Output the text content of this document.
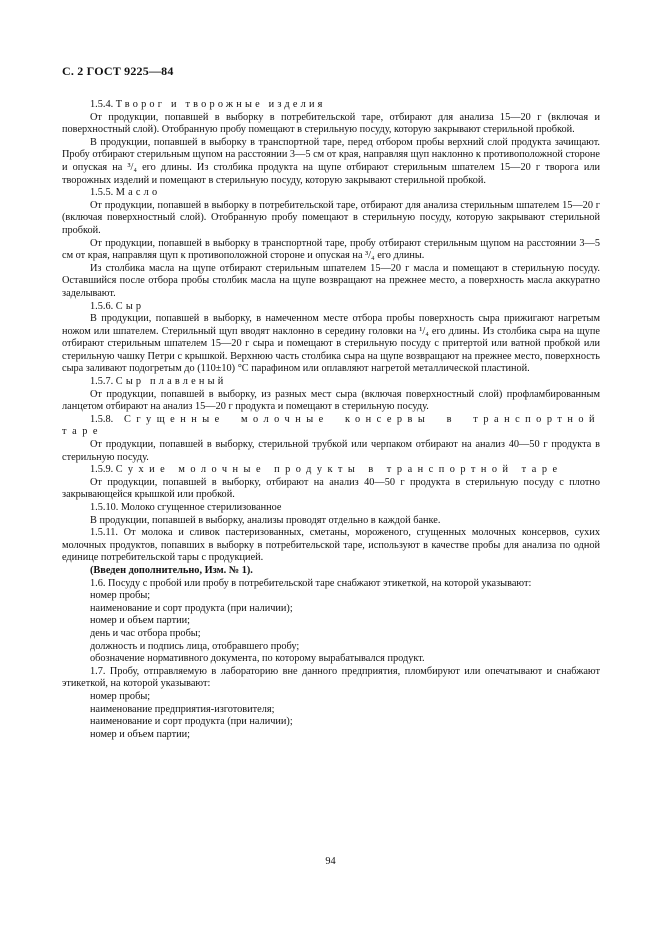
С. 2 ГОСТ 9225—84

1.5.4. Творог и творожные изделия

От продукции, попавшей в выборку в потребительской таре, отбирают для анализа 15—20 г (включая и поверхностный слой). Отобранную пробу помещают в стерильную посуду, которую закрывают стерильной пробкой.

В продукции, попавшей в выборку в транспортной таре, перед отбором пробы верхний слой продукта зачищают. Пробу отбирают стерильным щупом на расстоянии 3—5 см от края, направляя щуп наклонно к противоположной стороне и опуская на ³/₄ его длины. Из столбика продукта на щупе отбирают стерильным шпателем 15—20 г творога или творожных изделий и помещают в стерильную посуду, которую закрывают стерильной пробкой.

1.5.5. Масло

От продукции, попавшей в выборку в потребительской таре, отбирают для анализа стерильным шпателем 15—20 г (включая поверхностный слой). Отобранную пробу помещают в стерильную посуду, которую закрывают стерильной пробкой.

От продукции, попавшей в выборку в транспортной таре, пробу отбирают стерильным щупом на расстоянии 3—5 см от края, направляя щуп к противоположной стороне и опуская на ³/₄ его длины.

Из столбика масла на щупе отбирают стерильным шпателем 15—20 г масла и помещают в стерильную посуду. Оставшийся после отбора пробы столбик масла на щупе возвращают на прежнее место, а поверхность масла аккуратно заделывают.

1.5.6. Сыр

В продукции, попавшей в выборку, в намеченном месте отбора пробы поверхность сыра прижигают нагретым ножом или шпателем. Стерильный щуп вводят наклонно в середину головки на ¹/₄ его длины. Из столбика сыра на щупе отбирают стерильным шпателем 15—20 г сыра и помещают в стерильную посуду с притертой или ватной пробкой или стерильную чашку Петри с крышкой. Верхнюю часть столбика сыра на щупе возвращают на прежнее место, поверхность сыра заливают подогретым до (110±10) °С парафином или оплавляют нагретой металлической пластиной.

1.5.7. Сыр плавленый

От продукции, попавшей в выборку, из разных мест сыра (включая поверхностный слой) профламбированным ланцетом отбирают на анализ 15—20 г продукта и помещают в стерильную посуду.

1.5.8. Сгущенные молочные консервы в транспортной таре

От продукции, попавшей в выборку, стерильной трубкой или черпаком отбирают на анализ 40—50 г продукта в стерильную посуду.

1.5.9. Сухие молочные продукты в транспортной таре

От продукции, попавшей в выборку, отбирают на анализ 40—50 г продукта в стерильную посуду с плотно закрывающейся крышкой или пробкой.

1.5.10. Молоко сгущенное стерилизованное

В продукции, попавшей в выборку, анализы проводят отдельно в каждой банке.

1.5.11. От молока и сливок пастеризованных, сметаны, мороженого, сгущенных молочных консервов, сухих молочных продуктов, попавших в выборку в потребительской таре, используют в качестве пробы для анализа по одной единице потребительской тары с продукцией.

(Введен дополнительно, Изм. № 1).

1.6. Посуду с пробой или пробу в потребительской таре снабжают этикеткой, на которой указывают:

номер пробы;

наименование и сорт продукта (при наличии);

номер и объем партии;

день и час отбора пробы;

должность и подпись лица, отобравшего пробу;

обозначение нормативного документа, по которому вырабатывался продукт.

1.7. Пробу, отправляемую в лабораторию вне данного предприятия, пломбируют или опечатывают и снабжают этикеткой, на которой указывают:

номер пробы;

наименование предприятия-изготовителя;

наименование и сорт продукта (при наличии);

номер и объем партии;

94
